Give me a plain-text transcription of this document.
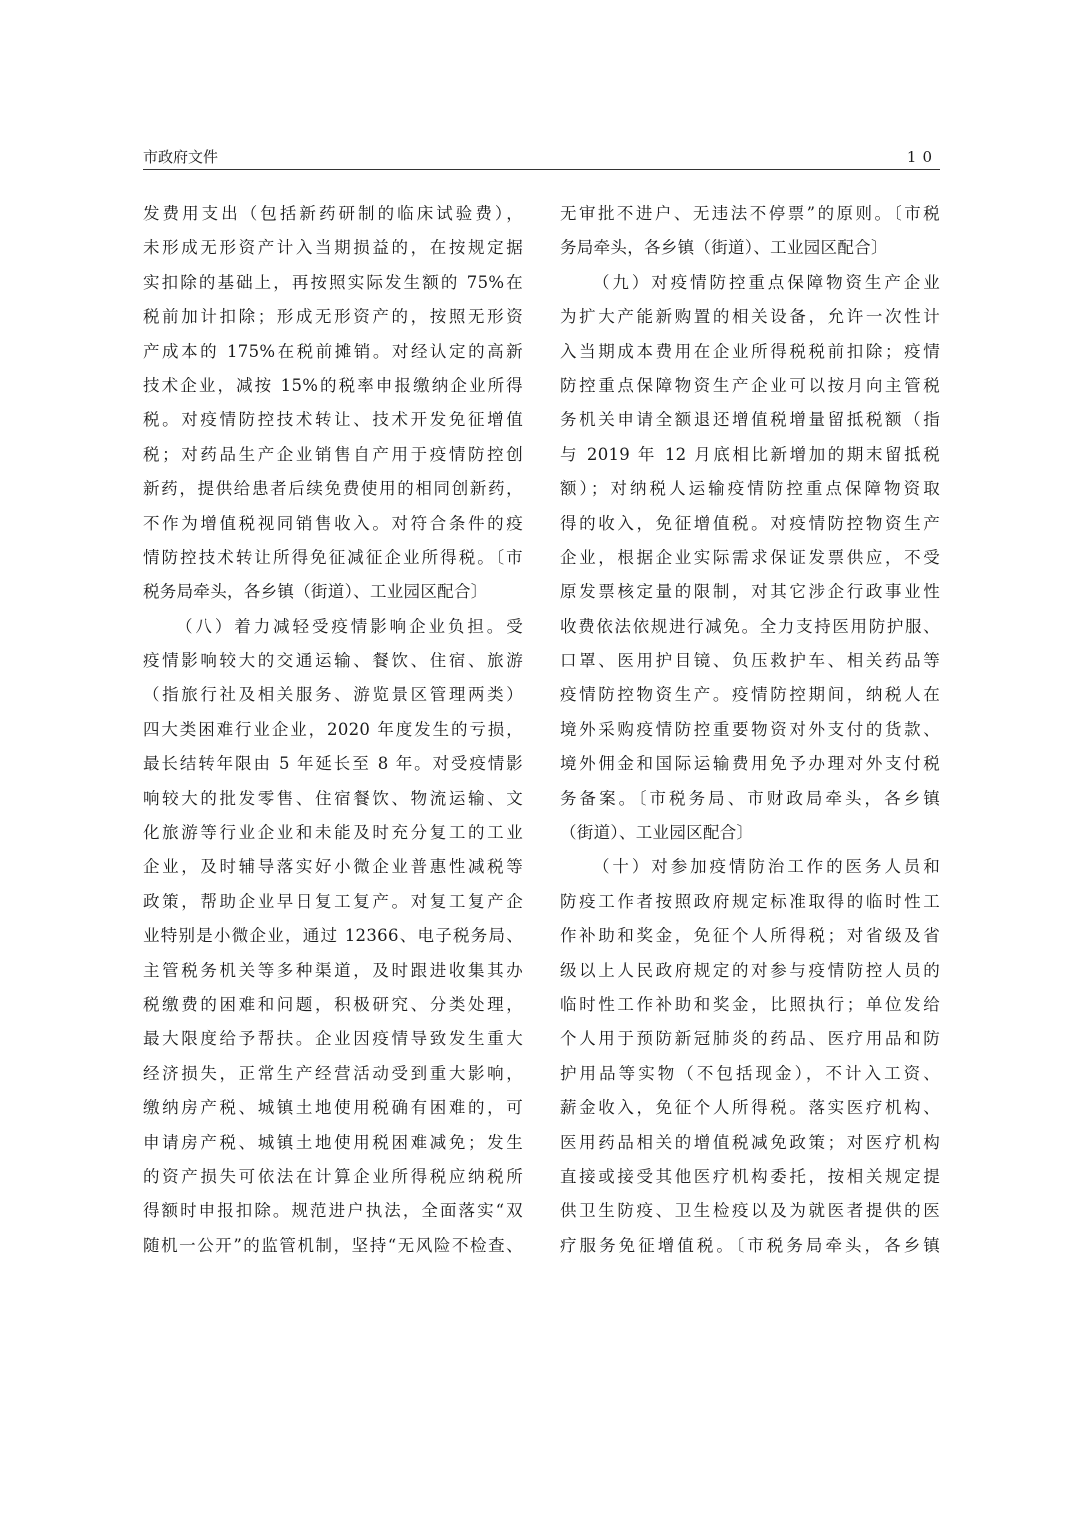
市政府文件	10
发费用支出（包括新药研制的临床试验费），
未形成无形资产计入当期损益的，在按规定据
实扣除的基础上，再按照实际发生额的 75%在
税前加计扣除；形成无形资产的，按照无形资
产成本的 175%在税前摊销。对经认定的高新
技术企业，减按 15%的税率申报缴纳企业所得
税。对疫情防控技术转让、技术开发免征增值
税；对药品生产企业销售自产用于疫情防控创
新药，提供给患者后续免费使用的相同创新药，
不作为增值税视同销售收入。对符合条件的疫
情防控技术转让所得免征减征企业所得税。〔市
税务局牵头，各乡镇（街道）、工业园区配合〕
（八）着力减轻受疫情影响企业负担。受
疫情影响较大的交通运输、餐饮、住宿、旅游
（指旅行社及相关服务、游览景区管理两类）
四大类困难行业企业，2020 年度发生的亏损，
最长结转年限由 5 年延长至 8 年。对受疫情影
响较大的批发零售、住宿餐饮、物流运输、文
化旅游等行业企业和未能及时充分复工的工业
企业，及时辅导落实好小微企业普惠性减税等
政策，帮助企业早日复工复产。对复工复产企
业特别是小微企业，通过 12366、电子税务局、
主管税务机关等多种渠道，及时跟进收集其办
税缴费的困难和问题，积极研究、分类处理，
最大限度给予帮扶。企业因疫情导致发生重大
经济损失，正常生产经营活动受到重大影响，
缴纳房产税、城镇土地使用税确有困难的，可
申请房产税、城镇土地使用税困难减免；发生
的资产损失可依法在计算企业所得税应纳税所
得额时申报扣除。规范进户执法，全面落实“双
随机一公开”的监管机制，坚持“无风险不检查、
无审批不进户、无违法不停票”的原则。〔市税
务局牵头，各乡镇（街道）、工业园区配合〕
（九）对疫情防控重点保障物资生产企业
为扩大产能新购置的相关设备，允许一次性计
入当期成本费用在企业所得税税前扣除；疫情
防控重点保障物资生产企业可以按月向主管税
务机关申请全额退还增值税增量留抵税额（指
与 2019 年 12 月底相比新增加的期末留抵税
额）；对纳税人运输疫情防控重点保障物资取
得的收入，免征增值税。对疫情防控物资生产
企业，根据企业实际需求保证发票供应，不受
原发票核定量的限制，对其它涉企行政事业性
收费依法依规进行减免。全力支持医用防护服、
口罩、医用护目镜、负压救护车、相关药品等
疫情防控物资生产。疫情防控期间，纳税人在
境外采购疫情防控重要物资对外支付的货款、
境外佣金和国际运输费用免予办理对外支付税
务备案。〔市税务局、市财政局牵头，各乡镇
（街道）、工业园区配合〕
（十）对参加疫情防治工作的医务人员和
防疫工作者按照政府规定标准取得的临时性工
作补助和奖金，免征个人所得税；对省级及省
级以上人民政府规定的对参与疫情防控人员的
临时性工作补助和奖金，比照执行；单位发给
个人用于预防新冠肺炎的药品、医疗用品和防
护用品等实物（不包括现金），不计入工资、
薪金收入，免征个人所得税。落实医疗机构、
医用药品相关的增值税减免政策；对医疗机构
直接或接受其他医疗机构委托，按相关规定提
供卫生防疫、卫生检疫以及为就医者提供的医
疗服务免征增值税。〔市税务局牵头，各乡镇
